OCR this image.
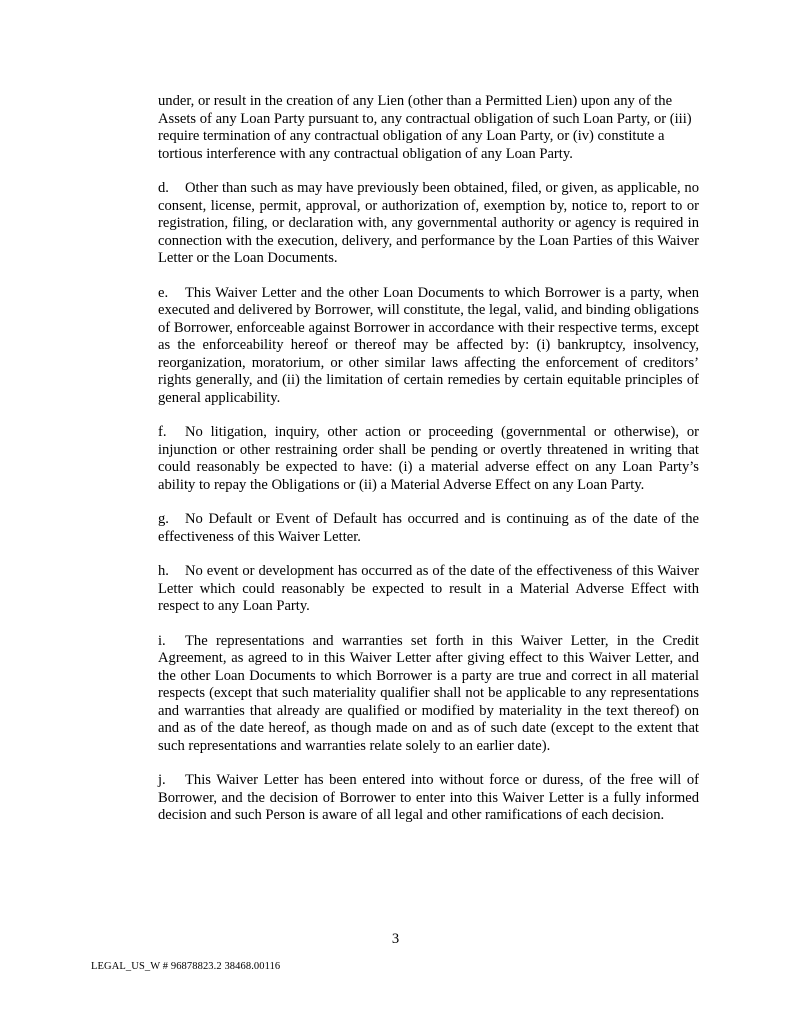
under, or result in the creation of any Lien (other than a Permitted Lien) upon any of the Assets of any Loan Party pursuant to, any contractual obligation of such Loan Party, or (iii) require termination of any contractual obligation of any Loan Party, or (iv) constitute a tortious interference with any contractual obligation of any Loan Party.

d. Other than such as may have previously been obtained, filed, or given, as applicable, no consent, license, permit, approval, or authorization of, exemption by, notice to, report to or registration, filing, or declaration with, any governmental authority or agency is required in connection with the execution, delivery, and performance by the Loan Parties of this Waiver Letter or the Loan Documents.

e. This Waiver Letter and the other Loan Documents to which Borrower is a party, when executed and delivered by Borrower, will constitute, the legal, valid, and binding obligations of Borrower, enforceable against Borrower in accordance with their respective terms, except as the enforceability hereof or thereof may be affected by: (i) bankruptcy, insolvency, reorganization, moratorium, or other similar laws affecting the enforcement of creditors’ rights generally, and (ii) the limitation of certain remedies by certain equitable principles of general applicability.

f. No litigation, inquiry, other action or proceeding (governmental or otherwise), or injunction or other restraining order shall be pending or overtly threatened in writing that could reasonably be expected to have: (i) a material adverse effect on any Loan Party’s ability to repay the Obligations or (ii) a Material Adverse Effect on any Loan Party.

g. No Default or Event of Default has occurred and is continuing as of the date of the effectiveness of this Waiver Letter.

h. No event or development has occurred as of the date of the effectiveness of this Waiver Letter which could reasonably be expected to result in a Material Adverse Effect with respect to any Loan Party.

i. The representations and warranties set forth in this Waiver Letter, in the Credit Agreement, as agreed to in this Waiver Letter after giving effect to this Waiver Letter, and the other Loan Documents to which Borrower is a party are true and correct in all material respects (except that such materiality qualifier shall not be applicable to any representations and warranties that already are qualified or modified by materiality in the text thereof) on and as of the date hereof, as though made on and as of such date (except to the extent that such representations and warranties relate solely to an earlier date).

j. This Waiver Letter has been entered into without force or duress, of the free will of Borrower, and the decision of Borrower to enter into this Waiver Letter is a fully informed decision and such Person is aware of all legal and other ramifications of each decision.

3
LEGAL_US_W # 96878823.2 38468.00116
